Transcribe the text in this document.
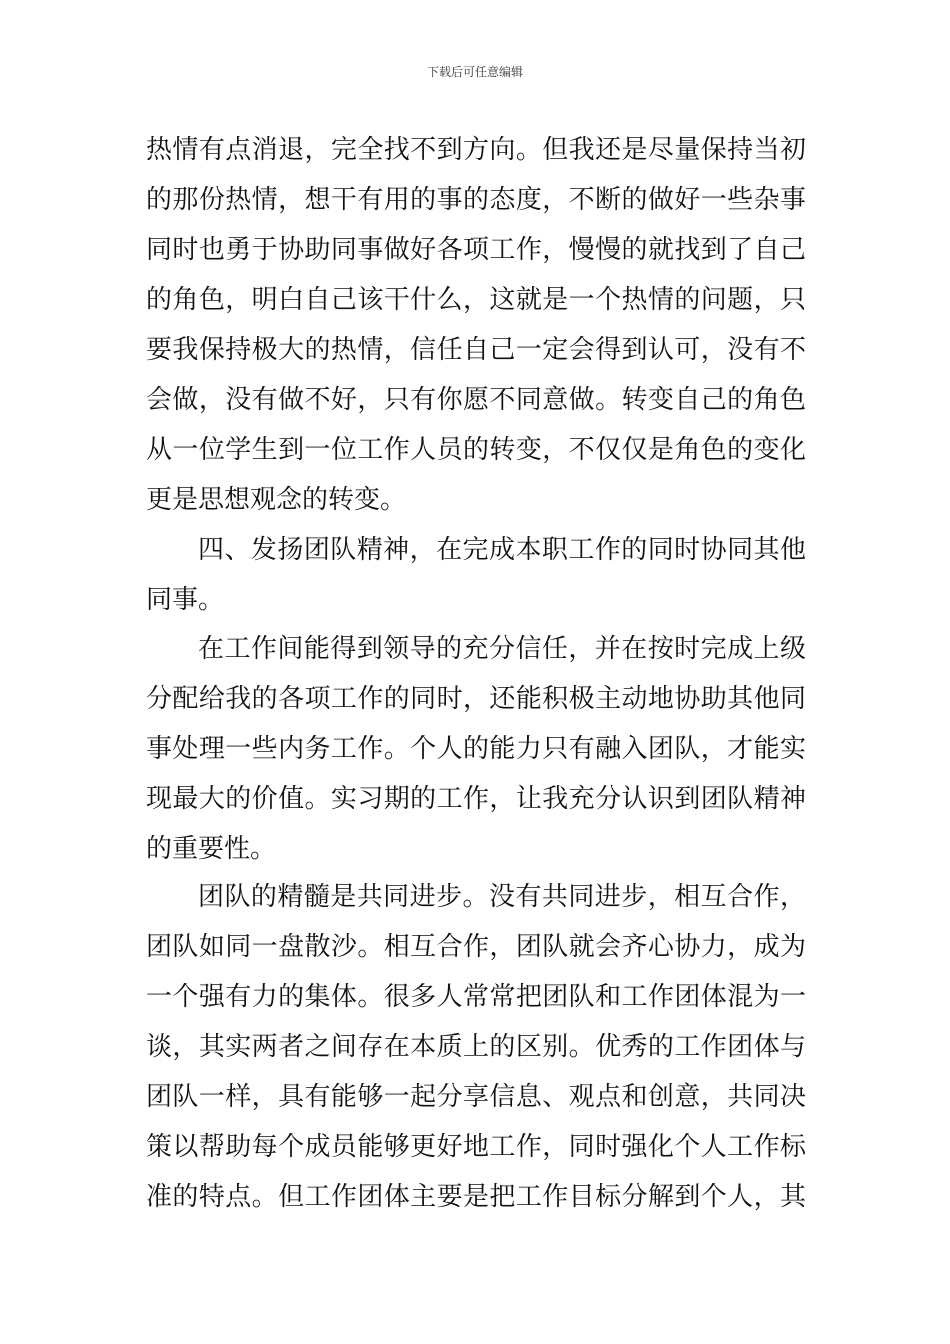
下载后可任意编辑
热情有点消退，完全找不到方向。但我还是尽量保持当初
的那份热情，想干有用的事的态度，不断的做好一些杂事
同时也勇于协助同事做好各项工作，慢慢的就找到了自己
的角色，明白自己该干什么，这就是一个热情的问题，只
要我保持极大的热情，信任自己一定会得到认可，没有不
会做，没有做不好，只有你愿不同意做。转变自己的角色
从一位学生到一位工作人员的转变，不仅仅是角色的变化
更是思想观念的转变。
四、发扬团队精神，在完成本职工作的同时协同其他
同事。
在工作间能得到领导的充分信任，并在按时完成上级
分配给我的各项工作的同时，还能积极主动地协助其他同
事处理一些内务工作。个人的能力只有融入团队，才能实
现最大的价值。实习期的工作，让我充分认识到团队精神
的重要性。
团队的精髓是共同进步。没有共同进步，相互合作，
团队如同一盘散沙。相互合作，团队就会齐心协力，成为
一个强有力的集体。很多人常常把团队和工作团体混为一
谈，其实两者之间存在本质上的区别。优秀的工作团体与
团队一样，具有能够一起分享信息、观点和创意，共同决
策以帮助每个成员能够更好地工作，同时强化个人工作标
准的特点。但工作团体主要是把工作目标分解到个人，其
